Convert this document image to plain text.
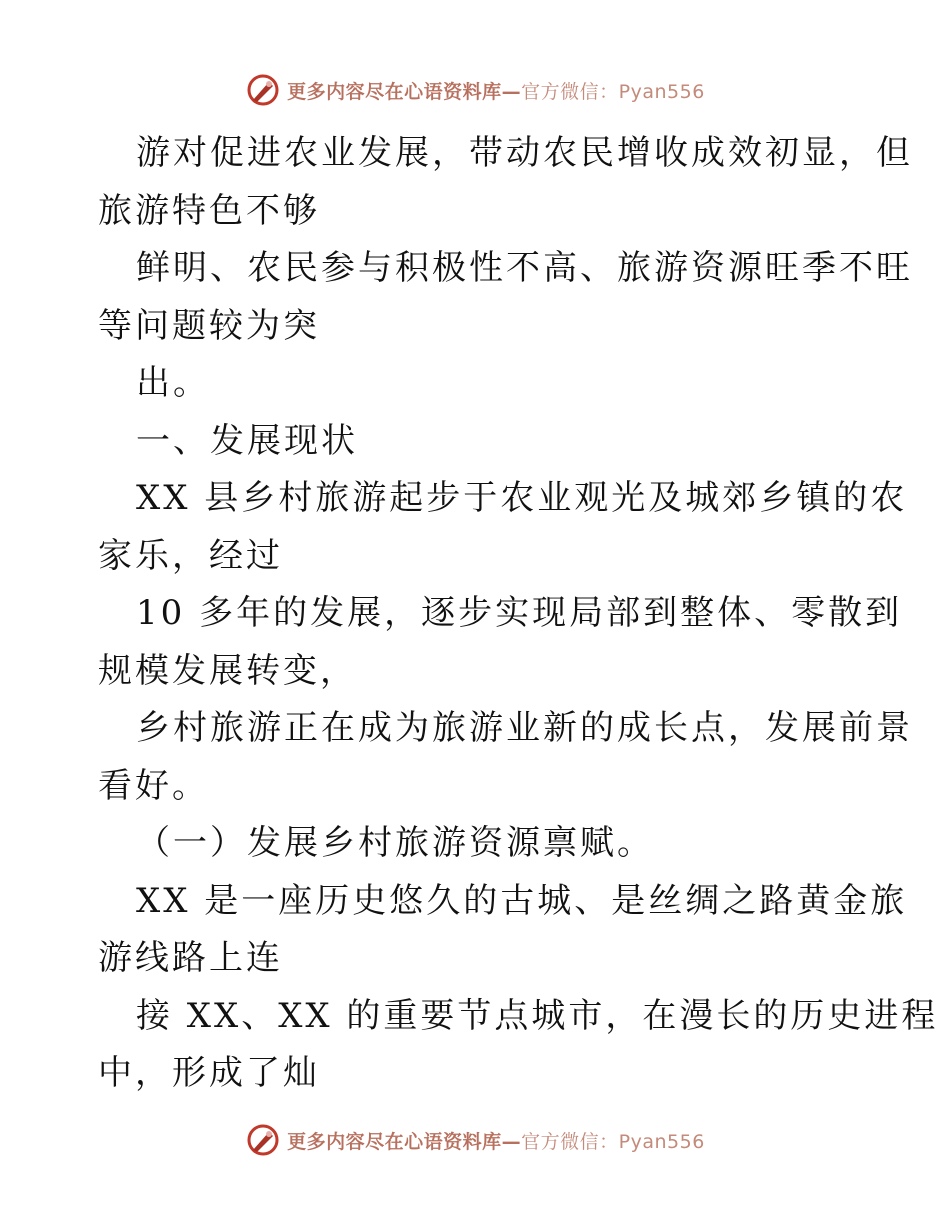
更多内容尽在心语资料库—官方微信：Pyan556
游对促进农业发展，带动农民增收成效初显，但
旅游特色不够
鲜明、农民参与积极性不高、旅游资源旺季不旺
等问题较为突
出。
一、发展现状
XX 县乡村旅游起步于农业观光及城郊乡镇的农
家乐，经过
10 多年的发展，逐步实现局部到整体、零散到
规模发展转变，
乡村旅游正在成为旅游业新的成长点，发展前景
看好。
（一）发展乡村旅游资源禀赋。
XX 是一座历史悠久的古城、是丝绸之路黄金旅
游线路上连
接 XX、XX 的重要节点城市，在漫长的历史进程
中，形成了灿
更多内容尽在心语资料库—官方微信：Pyan556
